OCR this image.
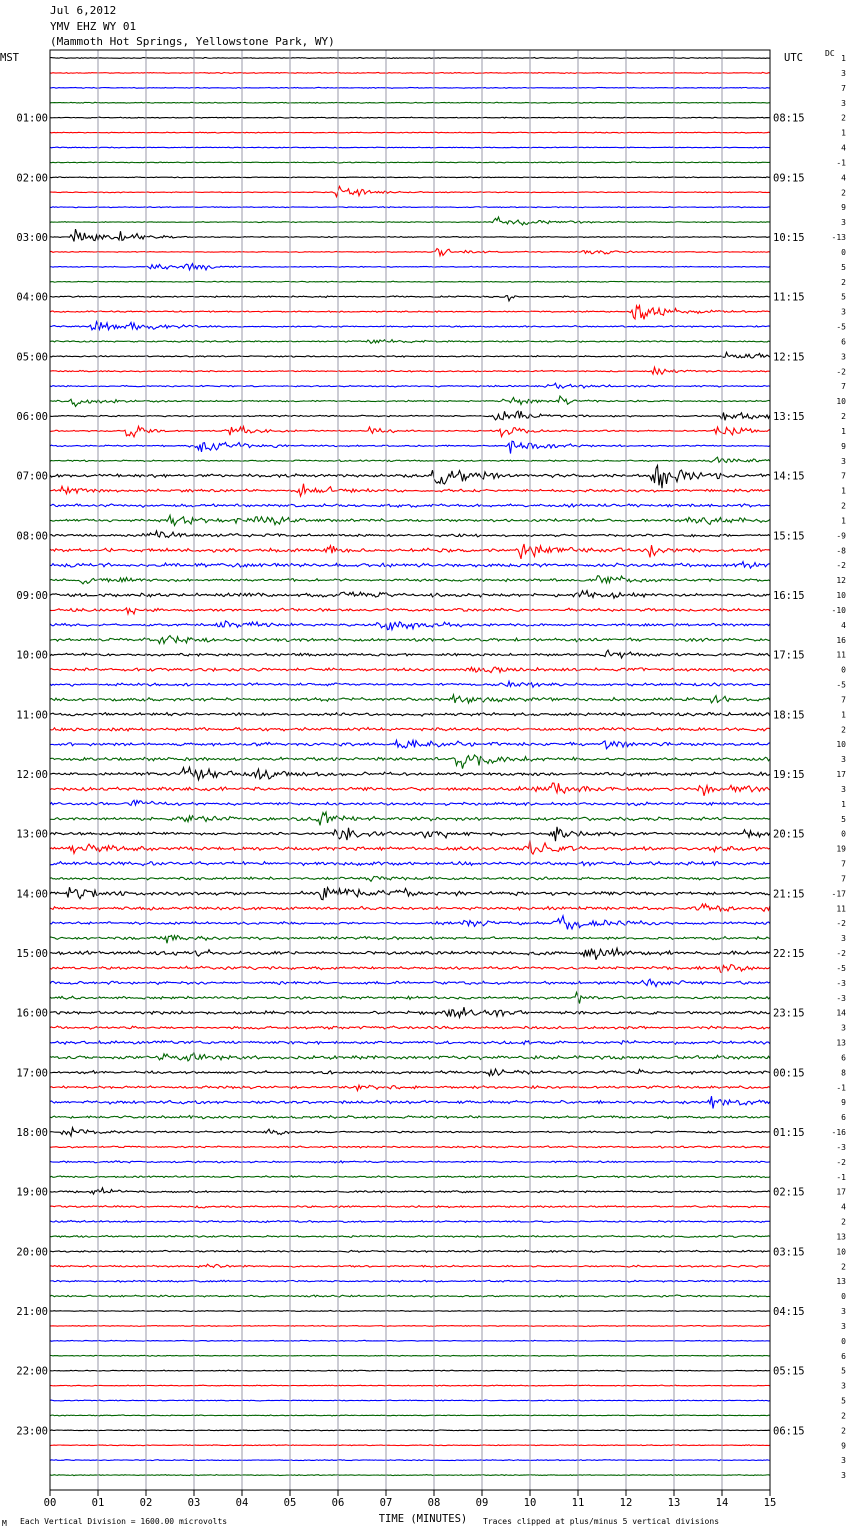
Jul 6,2012
YMV EHZ WY 01
(Mammoth Hot Springs, Yellowstone Park, WY)
1
3
7
3
2
1
4
-1
4
2
9
3
-13
0
5
2
5
3
-5
6
3
-2
7
10
2
1
9
3
7
1
2
1
-9
-8
-2
12
10
-10
4
16
11
0
-5
7
1
2
10
3
17
3
1
5
0
19
7
7
-17
11
-2
3
-2
-5
-3
-3
14
3
13
6
8
-1
9
6
-16
-3
-2
-1
17
4
2
13
10
2
13
0
3
3
0
6
5
3
5
2
2
9
3
3
01:00	08:15
02:00	09:15
03:00	10:15
04:00	11:15
05:00	12:15
06:00	13:15
07:00	14:15
08:00	15:15
09:00	16:15
10:00	17:15
11:00	18:15
12:00	19:15
13:00	20:15
14:00	21:15
15:00	22:15
16:00	23:15
17:00	00:15
18:00	01:15
19:00	02:15
20:00	03:15
21:00	04:15
22:00	05:15
23:00	06:15
MST	UTC	DC
00	01	02	03	04	05	06	07	08	09	10	11	12	13	14	15
TIME (MINUTES)
Each Vertical Division = 1600.00 microvolts	Traces clipped at plus/minus 5 vertical divisions
M
